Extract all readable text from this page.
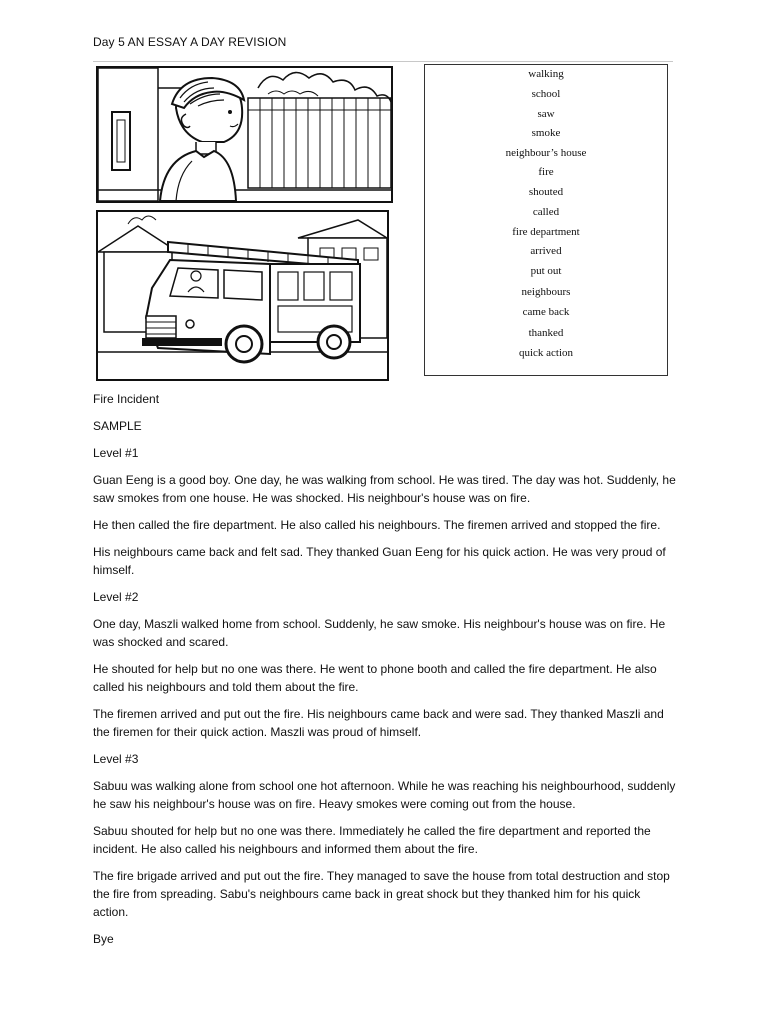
Day 5 AN ESSAY A DAY REVISION
walking
school
saw
smoke
neighbour’s house
fire
shouted
called
fire department
arrived
put out
neighbours
came back
thanked
quick action

Fire Incident

SAMPLE

Level #1

Guan Eeng is a good boy. One day, he was walking from school. He was tired. The day was hot. Suddenly, he saw smokes from one house. He was shocked. His neighbour's house was on fire.

He then called the fire department. He also called his neighbours. The firemen arrived and stopped the fire.

His neighbours came back and felt sad. They thanked Guan Eeng for his quick action. He was very proud of himself.

Level #2

One day, Maszli walked home from school. Suddenly, he saw smoke. His neighbour's house was on fire. He was shocked and scared.

He shouted for help but no one was there. He went to phone booth and called the fire department. He also called his neighbours and told them about the fire.

The firemen arrived and put out the fire. His neighbours came back and were sad. They thanked Maszli and the firemen for their quick action. Maszli was proud of himself.

Level #3

Sabuu was walking alone from school one hot afternoon. While he was reaching his neighbourhood, suddenly he saw his neighbour's house was on fire. Heavy smokes were coming out from the house.

Sabuu shouted for help but no one was there. Immediately he called the fire department and reported the incident. He also called his neighbours and informed them about the fire.

The fire brigade arrived and put out the fire. They managed to save the house from total destruction and stop the fire from spreading. Sabu's neighbours came back in great shock but they thanked him for his quick action.

Bye
